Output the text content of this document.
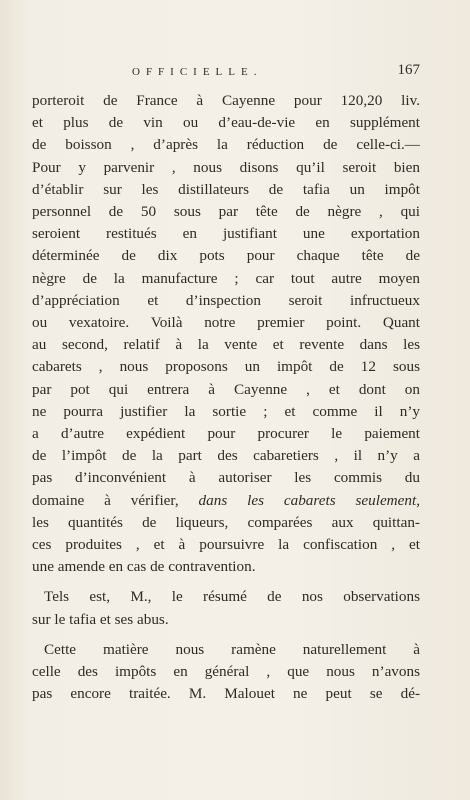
OFFICIELLE.	167
porteroit de France à Cayenne pour 120,20 liv.
et plus de vin ou d’eau-de-vie en supplément
de boisson , d’après la réduction de celle-ci.—
Pour y parvenir , nous disons qu’il seroit bien
d’établir sur les distillateurs de tafia un impôt
personnel de 50 sous par tête de nègre , qui
seroient restitués en justifiant une exportation
déterminée de dix pots pour chaque tête de
nègre de la manufacture ; car tout autre moyen
d’appréciation et d’inspection seroit infructueux
ou vexatoire. Voilà notre premier point. Quant
au second, relatif à la vente et revente dans les
cabarets , nous proposons un impôt de 12 sous
par pot qui entrera à Cayenne , et dont on
ne pourra justifier la sortie ; et comme il n’y
a d’autre expédient pour procurer le paiement
de l’impôt de la part des cabaretiers , il n’y a
pas d’inconvénient à autoriser les commis du
domaine à vérifier, dans les cabarets seulement,
les quantités de liqueurs, comparées aux quittan-
ces produites , et à poursuivre la confiscation , et
une amende en cas de contravention.
Tels est, M., le résumé de nos observations
sur le tafia et ses abus.
Cette matière nous ramène naturellement à
celle des impôts en général , que nous n’avons
pas encore traitée. M. Malouet ne peut se dé-
